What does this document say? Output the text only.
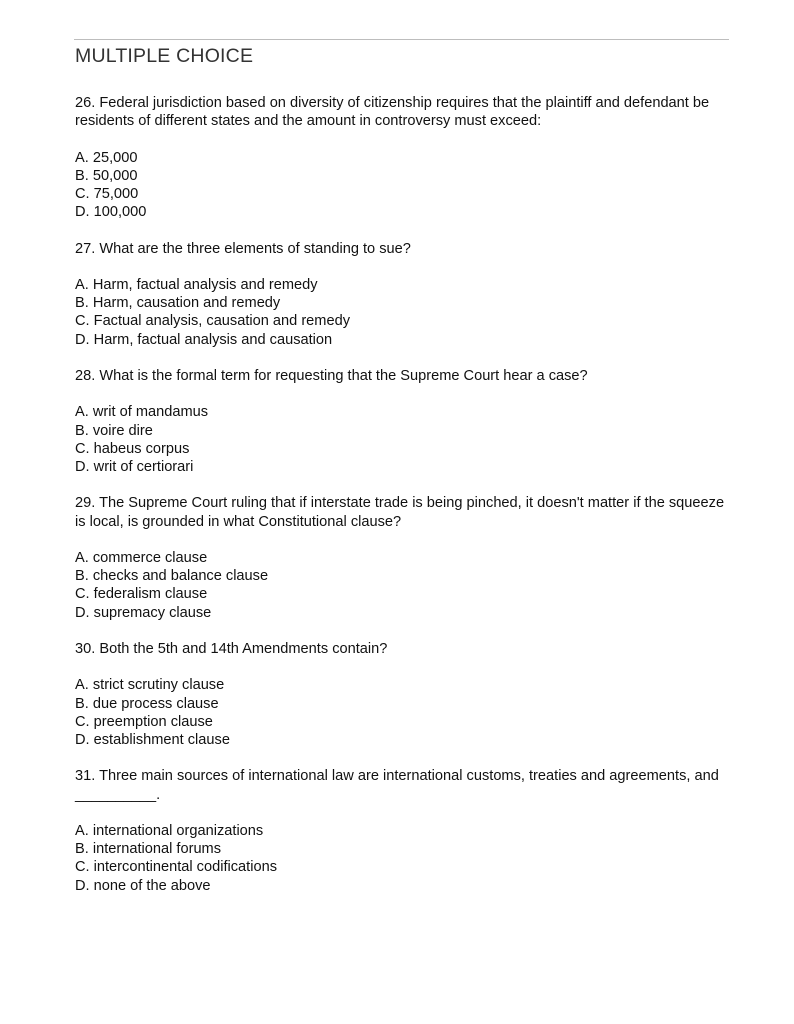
MULTIPLE CHOICE
26. Federal jurisdiction based on diversity of citizenship requires that the plaintiff and defendant be residents of different states and the amount in controversy must exceed:
A. 25,000
B. 50,000
C. 75,000
D. 100,000
27. What are the three elements of standing to sue?
A. Harm, factual analysis and remedy
B. Harm, causation and remedy
C. Factual analysis, causation and remedy
D. Harm, factual analysis and causation
28. What is the formal term for requesting that the Supreme Court hear a case?
A. writ of mandamus
B. voire dire
C. habeus corpus
D. writ of certiorari
29. The Supreme Court ruling that if interstate trade is being pinched, it doesn't matter if the squeeze is local, is grounded in what Constitutional clause?
A. commerce clause
B. checks and balance clause
C. federalism clause
D. supremacy clause
30. Both the 5th and 14th Amendments contain?
A. strict scrutiny clause
B. due process clause
C. preemption clause
D. establishment clause
31. Three main sources of international law are international customs, treaties and agreements, and __________.
A. international organizations
B. international forums
C. intercontinental codifications
D. none of the above
